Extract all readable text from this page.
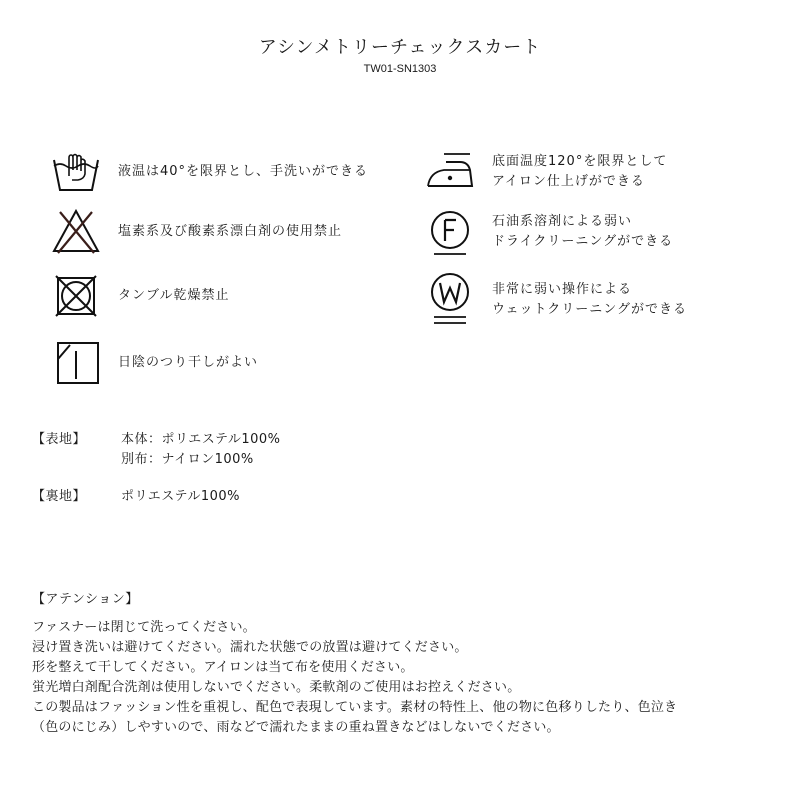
アシンメトリーチェックスカート
TW01-SN1303
液温は40°を限界とし、手洗いができる
塩素系及び酸素系漂白剤の使用禁止
タンブル乾燥禁止
日陰のつり干しがよい
底面温度120°を限界として
アイロン仕上げができる
石油系溶剤による弱い
ドライクリーニングができる
非常に弱い操作による
ウェットクリーニングができる
【表地】	本体：ポリエステル100%
別布：ナイロン100%
【裏地】	ポリエステル100%
【アテンション】
ファスナーは閉じて洗ってください。
浸け置き洗いは避けてください。濡れた状態での放置は避けてください。
形を整えて干してください。アイロンは当て布を使用ください。
蛍光増白剤配合洗剤は使用しないでください。柔軟剤のご使用はお控えください。
この製品はファッション性を重視し、配色で表現しています。素材の特性上、他の物に色移りしたり、色泣き
（色のにじみ）しやすいので、雨などで濡れたままの重ね置きなどはしないでください。
